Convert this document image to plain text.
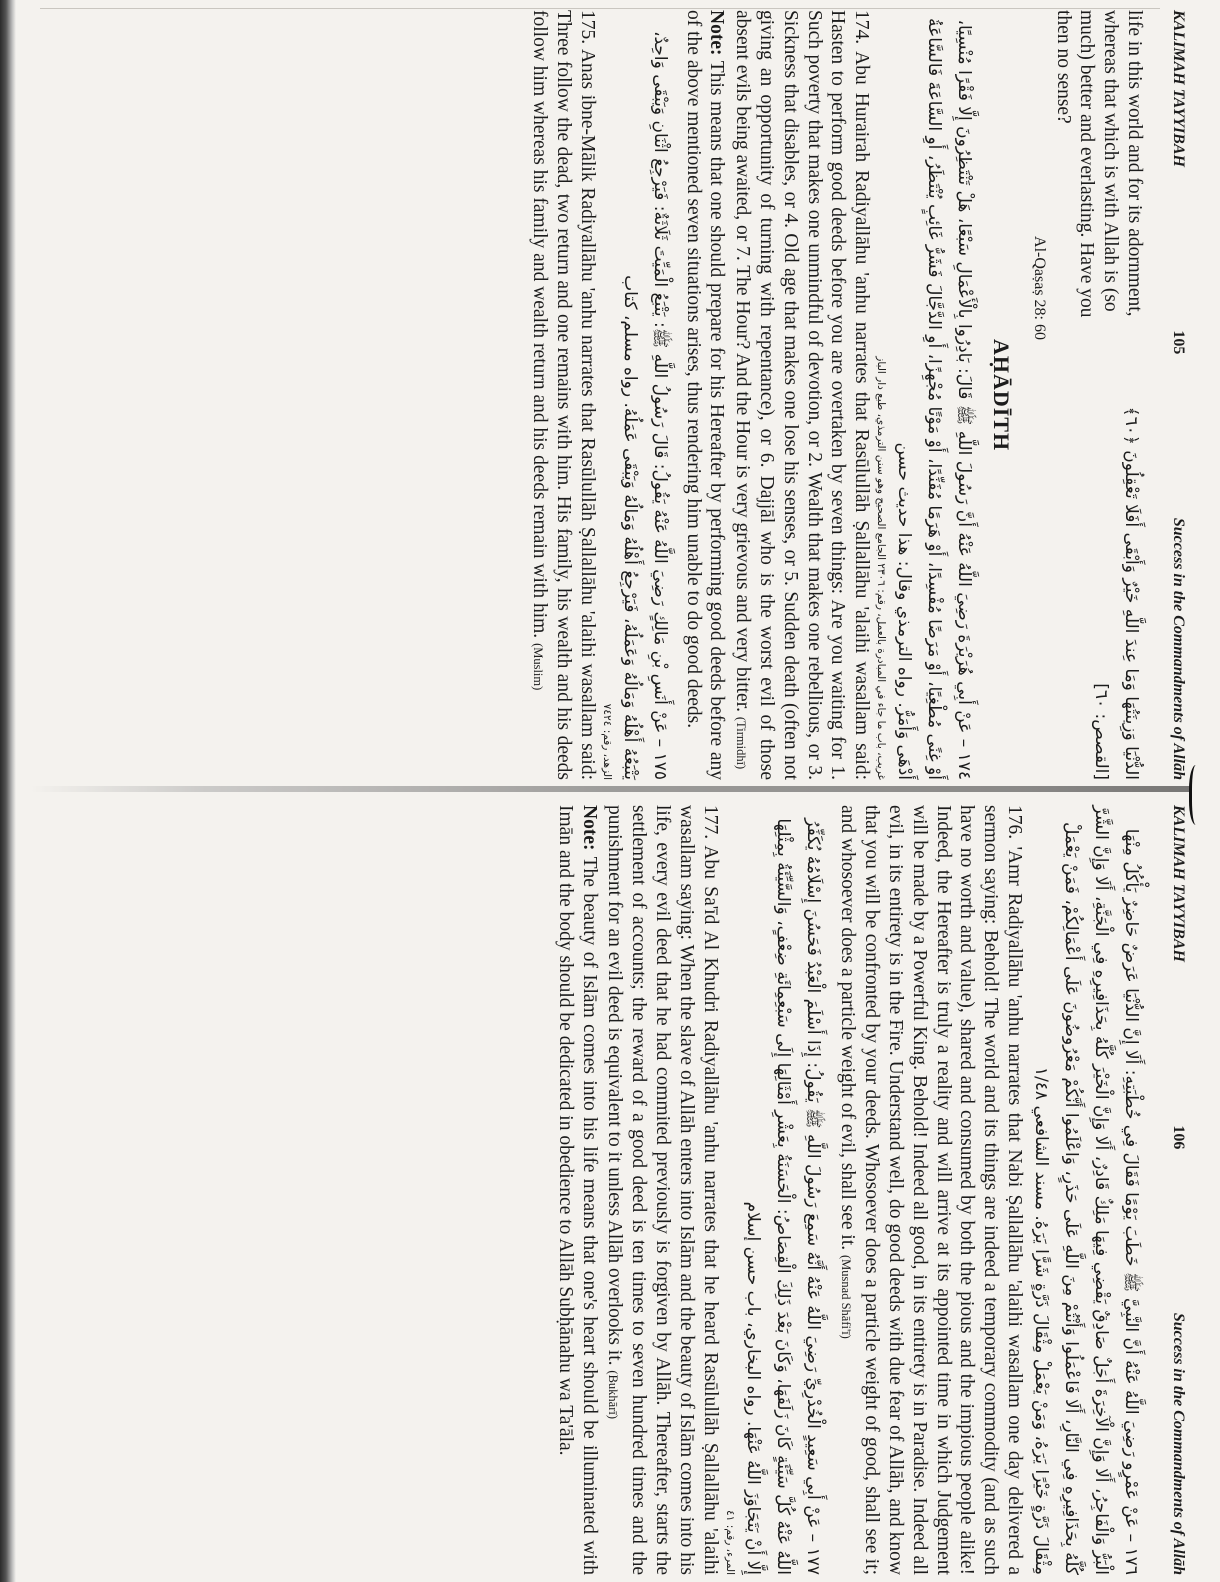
KALIMAH TAYYIBAH
105
Success in the Commandments of Allāh
life in this world and for its adornment, whereas that which is with Allah is (so much) better and everlasting. Have you then no sense?
Al-Qaṣaṣ 28: 60
الدُّنْيَا وَزِينَتُهَا وَمَا عِندَ اللَّهِ خَيْرٌ وَأَبْقَى أَفَلَا تَعْقِلُونَ ﴿٦٠﴾ [القصص: ٦٠]
AḤĀDĪTH
١٧٤ – عَنْ أَبِي هُرَيْرَةَ رَضِيَ اللَّهُ عَنْهُ أَنَّ رَسُولَ اللَّهِ ﷺ قَالَ: بَادِرُوا بِالْأَعْمَالِ سَبْعًا، هَلْ تَنْتَظِرُونَ إِلَّا فَقْرًا مُنْسِيًا، أَوْ غِنًى مُطْغِيًا، أَوْ مَرَضًا مُفْسِدًا، أَوْ هَرَمًا مُفَنِّدًا، أَوْ مَوْتًا مُجْهِزًا، أَوِ الدَّجَّالَ فَشَرُّ غَائِبٍ يُنْتَظَرُ، أَوِ السَّاعَةَ فَالسَّاعَةُ أَدْهَى وَأَمَرُّ. رواه الترمذي وقال: هذا حديث حسن
غريب، باب ما جاء في المبادرة بالعمل، رقم: ٢٣٠٦ الجامع الصحيح وهو سنن الترمذي، طبع دار الباز

174. Abu Hurairah Radiyallāhu 'anhu narrates that Rasūlullāh Ṣallallāhu 'alaihi wasallam said: Hasten to perform good deeds before you are overtaken by seven things: Are you waiting for 1. Such poverty that makes one unmindful of devotion, or 2. Wealth that makes one rebellious, or 3. Sickness that disables, or 4. Old age that makes one lose his senses, or 5. Sudden death (often not giving an opportunity of turning with repentance), or 6. Dajjāl who is the worst evil of those absent evils being awaited, or 7. The Hour? And the Hour is very grievous and very bitter. (Tirmidhī)

Note: This means that one should prepare for his Hereafter by performing good deeds before any of the above mentioned seven situations arises, thus rendering him unable to do good deeds.

١٧٥ – عَنْ أَنَسِ بْنِ مَالِكٍ رَضِيَ اللَّهُ عَنْهُ يَقُولُ: قَالَ رَسُولُ اللَّهِ ﷺ: يَتْبَعُ الْمَيِّتَ ثَلَاثَةٌ: فَيَرْجِعُ اثْنَانِ وَيَبْقَى وَاحِدٌ، يَتْبَعُهُ أَهْلُهُ وَمَالُهُ وَعَمَلُهُ، فَيَرْجِعُ أَهْلُهُ وَمَالُهُ وَيَبْقَى عَمَلُهُ. رواه مسلم، كتاب
الزهد، رقم: ٧٤٢٤

175. Anas ibne-Mālik Radiyallāhu 'anhu narrates that Rasūlullāh Ṣallallāhu 'alaihi wasallam said: Three follow the dead, two return and one remains with him. His family, his wealth and his deeds follow him whereas his family and wealth return and his deeds remain with him. (Muslim)

KALIMAH TAYYIBAH
106
Success in the Commandments of Allāh
١٧٦ – عَنْ عَمْرٍو رَضِيَ اللَّهُ عَنْهُ أَنَّ النَّبِيَّ ﷺ خَطَبَ يَوْمًا فَقَالَ فِي خُطْبَتِهِ: أَلَا إِنَّ الدُّنْيَا عَرَضٌ حَاضِرٌ يَأْكُلُ مِنْهَا الْبَرُّ وَالْفَاجِرُ، أَلَا وَإِنَّ الْآخِرَةَ أَجَلٌ صَادِقٌ يَقْضِي فِيهَا مَلِكٌ قَادِرٌ، أَلَا وَإِنَّ الْخَيْرَ كُلَّهُ بِحَذَافِيرِهِ فِي الْجَنَّةِ، أَلَا وَإِنَّ الشَّرَّ كُلَّهُ بِحَذَافِيرِهِ فِي النَّارِ، أَلَا فَاعْمَلُوا وَأَنْتُمْ مِنَ اللَّهِ عَلَى حَذَرٍ، وَاعْلَمُوا أَنَّكُمْ مَعْرُوضُونَ عَلَى أَعْمَالِكُمْ، فَمَنْ يَعْمَلْ مِثْقَالَ ذَرَّةٍ خَيْرًا يَرَهُ، وَمَنْ يَعْمَلْ مِثْقَالَ ذَرَّةٍ شَرًّا يَرَهُ. مسند الشافعي ١/٤٨

176. 'Amr Radiyallāhu 'anhu narrates that Nabi Ṣallallāhu 'alaihi wasallam one day delivered a sermon saying: Behold! The world and its things are indeed a temporary commodity (and as such have no worth and value), shared and consumed by both the pious and the impious people alike! Indeed, the Hereafter is truly a reality and will arrive at its appointed time in which Judgement will be made by a Powerful King. Behold! Indeed all good, in its entirety is in Paradise. Indeed all evil, in its entirety is in the Fire. Understand well, do good deeds with due fear of Allāh, and know that you will be confronted by your deeds. Whosoever does a particle weight of good, shall see it; and whosoever does a particle weight of evil, shall see it. (Musnad Shāfi'ī)

١٧٧ – عَنْ أَبِي سَعِيدٍ الْخُدْرِيِّ رَضِيَ اللَّهُ عَنْهُ أَنَّهُ سَمِعَ رَسُولَ اللَّهِ ﷺ يَقُولُ: إِذَا أَسْلَمَ الْعَبْدُ فَحَسُنَ إِسْلَامُهُ يُكَفِّرُ اللَّهُ عَنْهُ كُلَّ سَيِّئَةٍ كَانَ زَلَفَهَا، وَكَانَ بَعْدَ ذَلِكَ الْقِصَاصُ: الْحَسَنَةُ بِعَشْرِ أَمْثَالِهَا إِلَى سَبْعِمِائَةِ ضِعْفٍ، وَالسَّيِّئَةُ بِمِثْلِهَا إِلَّا أَنْ يَتَجَاوَزَ اللَّهُ عَنْهَا. رواه البخاري، باب حسن إسلام
المرء، رقم: ٤١

177. Abu Sa'īd Al Khudri Radiyallāhu 'anhu narrates that he heard Rasūlullāh Ṣallallāhu 'alaihi wasallam saying: When the slave of Allāh enters into Islām and the beauty of Islām comes into his life, every evil deed that he had commited previously is forgiven by Allāh. Thereafter, starts the settlement of accounts; the reward of a good deed is ten times to seven hundred times and the punishment for an evil deed is equivalent to it unless Allāh overlooks it. (Bukhārī)

Note: The beauty of Islām comes into his life means that one's heart should be illuminated with Imān and the body should be dedicated in obedience to Allāh Subḥānahu wa Ta'āla.
